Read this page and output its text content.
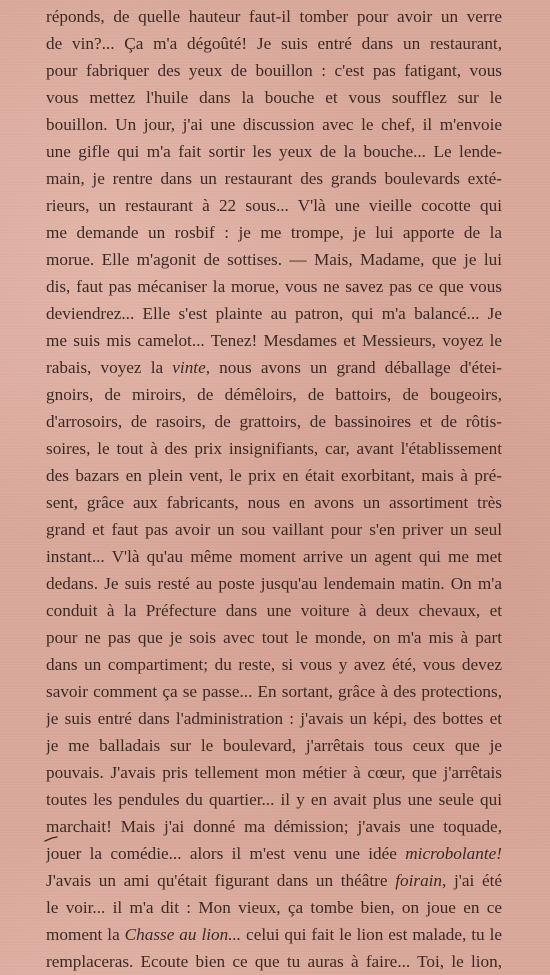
réponds, de quelle hauteur faut-il tomber pour avoir un verre
de vin?... Ça m'a dégoûté! Je suis entré dans un restaurant,
pour fabriquer des yeux de bouillon : c'est pas fatigant, vous
vous mettez l'huile dans la bouche et vous soufflez sur le
bouillon. Un jour, j'ai une discussion avec le chef, il m'envoie
une gifle qui m'a fait sortir les yeux de la bouche... Le lende-
main, je rentre dans un restaurant des grands boulevards exté-
rieurs, un restaurant à 22 sous... V'là une vieille cocotte qui
me demande un rosbif : je me trompe, je lui apporte de la
morue. Elle m'agonit de sottises. — Mais, Madame, que je lui
dis, faut pas mécaniser la morue, vous ne savez pas ce que vous
deviendrez... Elle s'est plainte au patron, qui m'a balancé... Je
me suis mis camelot... Tenez! Mesdames et Messieurs, voyez le
rabais, voyez la vinte, nous avons un grand déballage d'étei-
gnoirs, de miroirs, de démêloirs, de battoirs, de bougeoirs,
d'arrosoirs, de rasoirs, de grattoirs, de bassinoires et de rôtis-
soires, le tout à des prix insignifiants, car, avant l'établissement
des bazars en plein vent, le prix en était exorbitant, mais à pré-
sent, grâce aux fabricants, nous en avons un assortiment très
grand et faut pas avoir un sou vaillant pour s'en priver un seul
instant... V'là qu'au même moment arrive un agent qui me met
dedans. Je suis resté au poste jusqu'au lendemain matin. On m'a
conduit à la Préfecture dans une voiture à deux chevaux, et
pour ne pas que je sois avec tout le monde, on m'a mis à part
dans un compartiment; du reste, si vous y avez été, vous devez
savoir comment ça se passe... En sortant, grâce à des protections,
je suis entré dans l'administration : j'avais un képi, des bottes et
je me balladais sur le boulevard, j'arrêtais tous ceux que je
pouvais. J'avais pris tellement mon métier à cœur, que j'arrêtais
toutes les pendules du quartier... il y en avait plus une seule qui
marchait! Mais j'ai donné ma démission; j'avais une toquade,
jouer la comédie... alors il m'est venu une idée microbolante!
J'avais un ami qu'était figurant dans un théâtre foirain, j'ai été
le voir... il m'a dit : Mon vieux, ça tombe bien, on joue en ce
moment la Chasse au lion... celui qui fait le lion est malade, tu le
remplaceras. Ecoute bien ce que tu auras à faire... Toi, le lion,
